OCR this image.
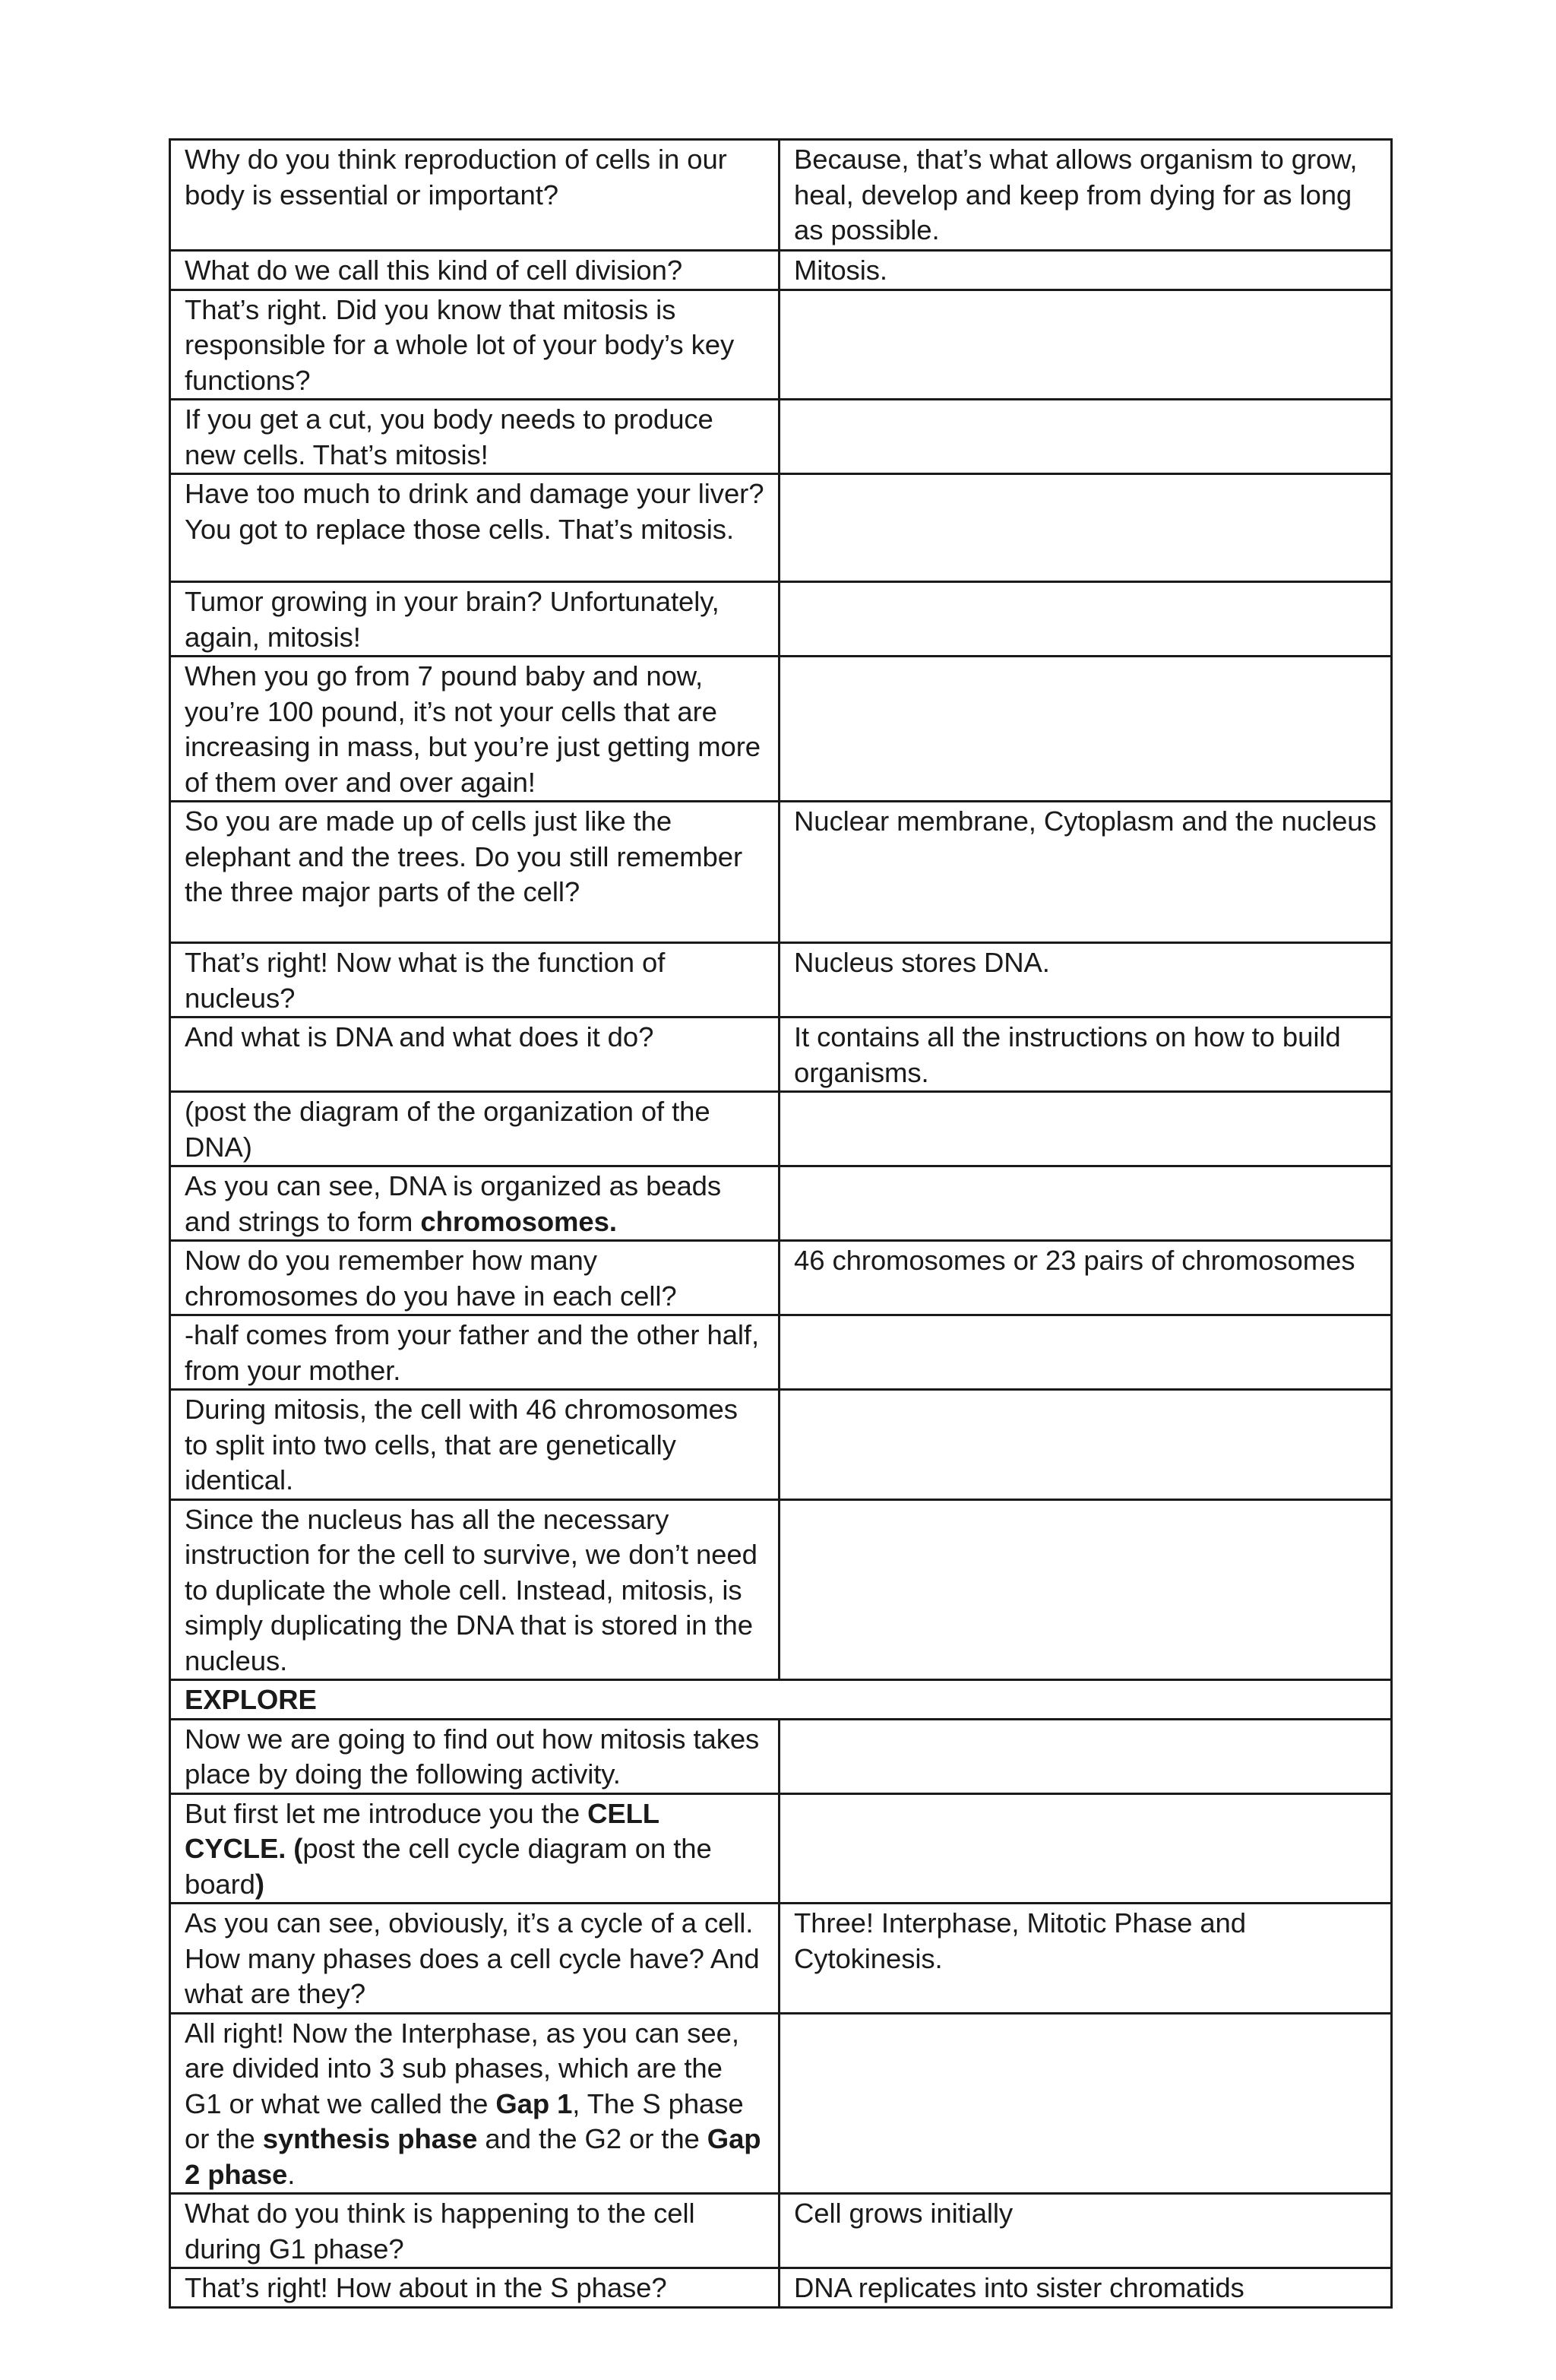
Why do you think reproduction of cells in our body is essential or important?	Because, that’s what allows organism to grow, heal, develop and keep from dying for as long as possible.
What do we call this kind of cell division?	Mitosis.
That’s right. Did you know that mitosis is responsible for a whole lot of your body’s key functions?	
If you get a cut, you body needs to produce new cells. That’s mitosis!	
Have too much to drink and damage your liver? You got to replace those cells. That’s mitosis.	
Tumor growing in your brain? Unfortunately, again, mitosis!	
When you go from 7 pound baby and now, you’re 100 pound, it’s not your cells that are increasing in mass, but you’re just getting more of them over and over again!	
So you are made up of cells just like the elephant and the trees. Do you still remember the three major parts of the cell?	Nuclear membrane, Cytoplasm and the nucleus
That’s right! Now what is the function of nucleus?	Nucleus stores DNA.
And what is DNA and what does it do?	It contains all the instructions on how to build organisms.
(post the diagram of the organization of the DNA)	
As you can see, DNA is organized as beads and strings to form chromosomes.	
Now do you remember how many chromosomes do you have in each cell?	46 chromosomes or 23 pairs of chromosomes
-half comes from your father and the other half, from your mother.	
During mitosis, the cell with 46 chromosomes to split into two cells, that are genetically identical.	
Since the nucleus has all the necessary instruction for the cell to survive, we don’t need to duplicate the whole cell. Instead, mitosis, is simply duplicating the DNA that is stored in the nucleus.	
EXPLORE	
Now we are going to find out how mitosis takes place by doing the following activity.	
But first let me introduce you the CELL CYCLE. (post the cell cycle diagram on the board)	
As you can see, obviously, it’s a cycle of a cell. How many phases does a cell cycle have? And what are they?	Three! Interphase, Mitotic Phase and Cytokinesis.
All right! Now the Interphase, as you can see, are divided into 3 sub phases, which are the G1 or what we called the Gap 1, The S phase or the synthesis phase and the G2 or the Gap 2 phase.	
What do you think is happening to the cell during G1 phase?	Cell grows initially
That’s right! How about in the S phase?	DNA replicates into sister chromatids
